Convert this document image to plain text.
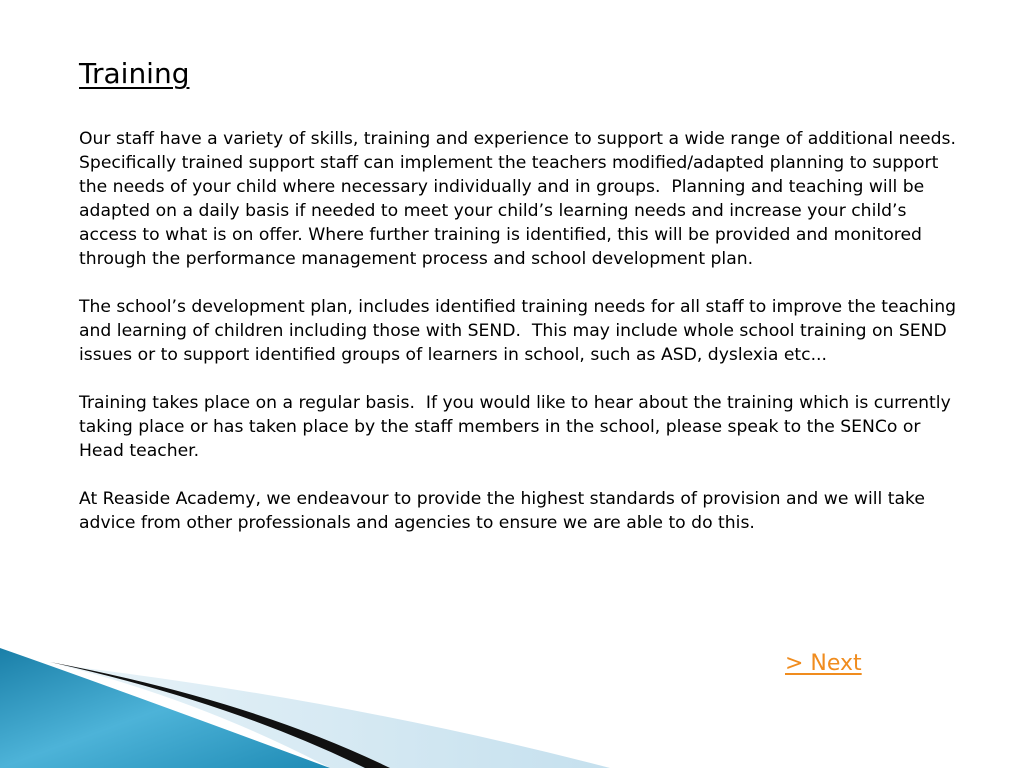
Training

Our staff have a variety of skills, training and experience to support a wide range of additional needs. Specifically trained support staff can implement the teachers modified/adapted planning to support the needs of your child where necessary individually and in groups.  Planning and teaching will be adapted on a daily basis if needed to meet your child’s learning needs and increase your child’s access to what is on offer. Where further training is identified, this will be provided and monitored through the performance management process and school development plan.

The school’s development plan, includes identified training needs for all staff to improve the teaching and learning of children including those with SEND.  This may include whole school training on SEND issues or to support identified groups of learners in school, such as ASD, dyslexia etc...

Training takes place on a regular basis.  If you would like to hear about the training which is currently taking place or has taken place by the staff members in the school, please speak to the SENCo or Head teacher.

At Reaside Academy, we endeavour to provide the highest standards of provision and we will take advice from other professionals and agencies to ensure we are able to do this.

> Next
